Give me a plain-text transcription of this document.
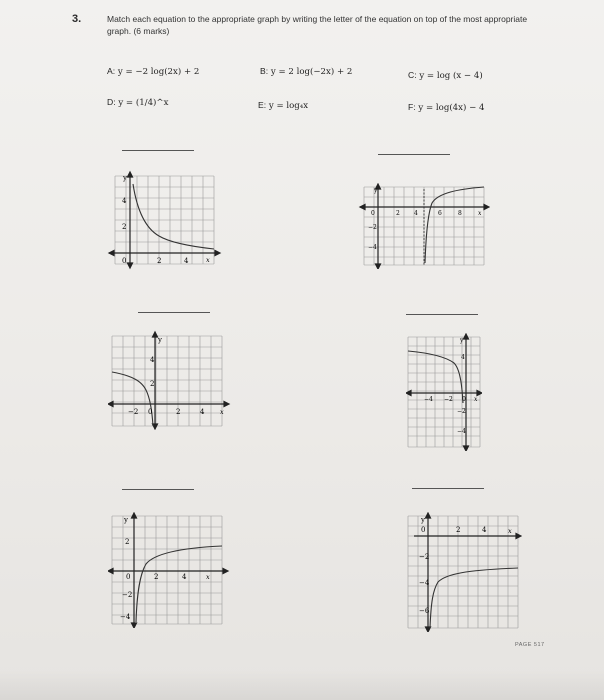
3.	Match each equation to the appropriate graph by writing the letter of the equation on top of the most appropriate graph. (6 marks)
A: y = −2 log(2x) + 2	B: y = 2 log(−2x) + 2	C: y = log (x − 4)
D: y = (1/4)^x	E: y = log₄x	F: y = log(4x) − 4
y
4
2
0	2	4	x
y
0	2 4	6	8	x
−2
−4
y
4
2
−2 0	2	4 x
y
4
−4 −2 0 x
−2
−4
y
2
0	2	4	x
−2
−4
y
0	2	4	x
−2
−4
−6
PAGE 517
